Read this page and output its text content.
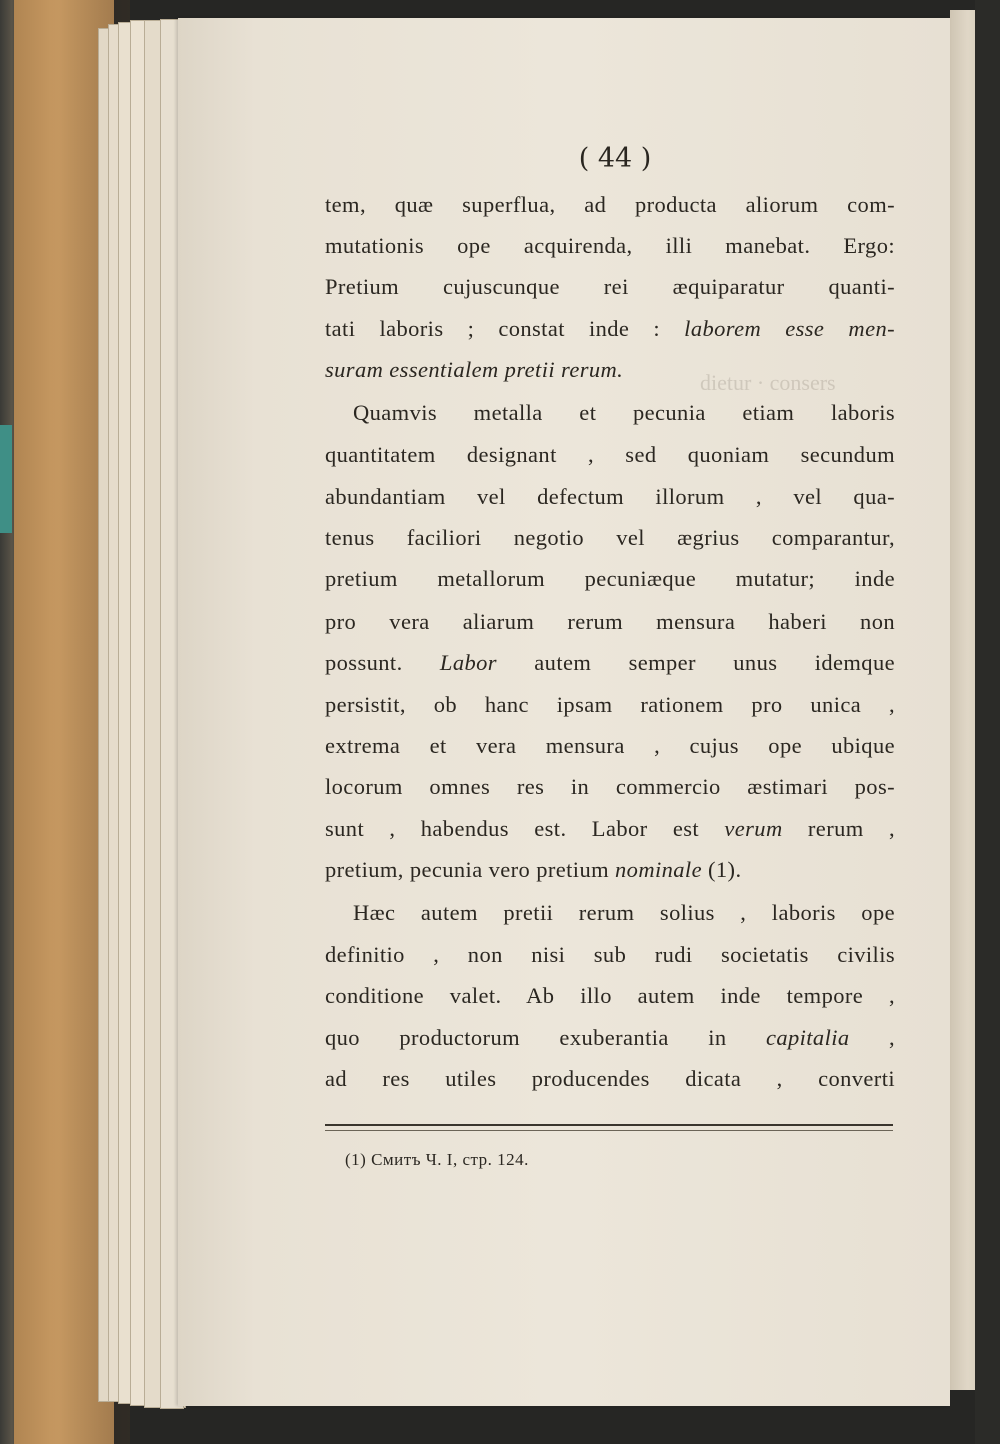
dietur · consers
( 44 )
tem, quæ superflua, ad producta aliorum com-
mutationis ope acquirenda, illi manebat. Ergo:
Pretium cujuscunque rei æquiparatur quanti-
tati laboris ; constat inde : laborem esse men-
suram essentialem pretii rerum.
Quamvis metalla et pecunia etiam laboris
quantitatem designant , sed quoniam secundum
abundantiam vel defectum illorum , vel qua-
tenus faciliori negotio vel ægrius comparantur,
pretium metallorum pecuniæque mutatur; inde
pro vera aliarum rerum mensura haberi non
possunt. Labor autem semper unus idemque
persistit, ob hanc ipsam rationem pro unica ,
extrema et vera mensura , cujus ope ubique
locorum omnes res in commercio æstimari pos-
sunt , habendus est. Labor est verum rerum ,
pretium, pecunia vero pretium nominale (1).
Hæc autem pretii rerum solius , laboris ope
definitio , non nisi sub rudi societatis civilis
conditione valet. Ab illo autem inde tempore ,
quo productorum exuberantia in capitalia ,
ad res utiles producendes dicata , converti
(1) Смитъ Ч. I, стр. 124.
